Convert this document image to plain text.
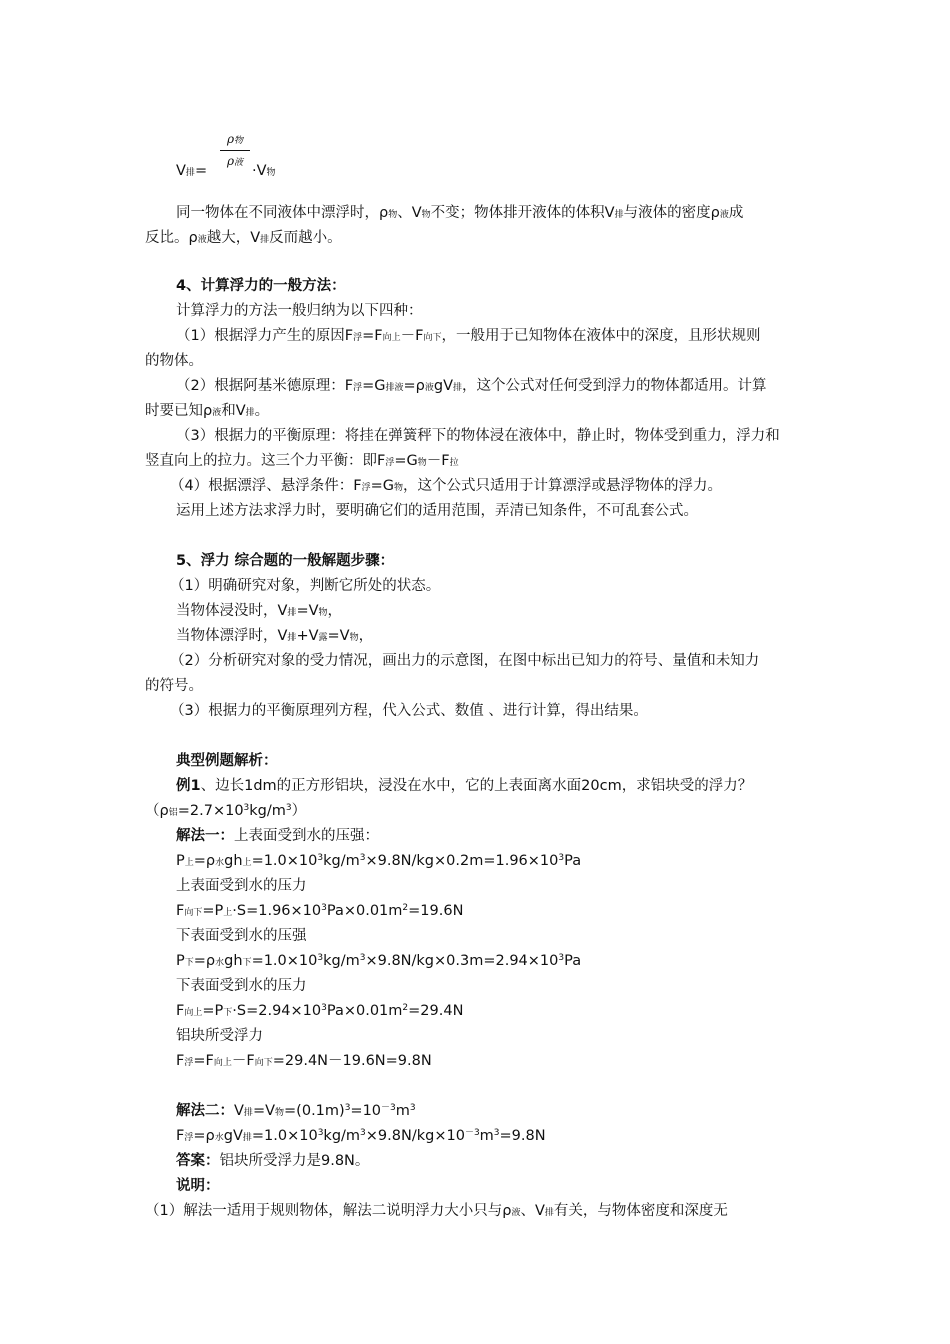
ρ物
ρ液
V排=	·V物
同一物体在不同液体中漂浮时，ρ物、V物不变；物体排开液体的体积V排与液体的密度ρ液成
反比。ρ液越大，V排反而越小。
4、计算浮力的一般方法：
计算浮力的方法一般归纳为以下四种：
（1）根据浮力产生的原因F浮=F向上－F向下，一般用于已知物体在液体中的深度，且形状规则
的物体。
（2）根据阿基米德原理：F浮=G排液=ρ液gV排，这个公式对任何受到浮力的物体都适用。计算
时要已知ρ液和V排。
（3）根据力的平衡原理：将挂在弹簧秤下的物体浸在液体中，静止时，物体受到重力，浮力和
竖直向上的拉力。这三个力平衡：即F浮=G物－F拉
（4）根据漂浮、悬浮条件：F浮=G物，这个公式只适用于计算漂浮或悬浮物体的浮力。
运用上述方法求浮力时，要明确它们的适用范围，弄清已知条件，不可乱套公式。
5、浮力 综合题的一般解题步骤：
（1）明确研究对象，判断它所处的状态。
当物体浸没时，V排=V物，
当物体漂浮时，V排+V露=V物，
（2）分析研究对象的受力情况，画出力的示意图，在图中标出已知力的符号、量值和未知力
的符号。
（3）根据力的平衡原理列方程，代入公式、数值 、进行计算，得出结果。
典型例题解析：
例1、边长1dm的正方形铝块，浸没在水中，它的上表面离水面20cm，求铝块受的浮力？
（ρ铝$=2.7\times 10^3kg/m^3$）
解法一：上表面受到水的压强：
P上=ρ水gh上$=1.0\times 10^3kg/m^3\times 9.8N/kg\times 0.2m=1.96\times 10^3Pa$
上表面受到水的压力
F向下=P上$\cdot S=1.96\times 10^3Pa\times 0.01m^2=19.6N$
下表面受到水的压强
P下=ρ水gh下$=1.0\times 10^3kg/m^3\times 9.8N/kg\times 0.3m=2.94\times 10^3Pa$
下表面受到水的压力
F向上=P下$\cdot S=2.94\times 10^3Pa\times 0.01m^2=29.4N$
铝块所受浮力
F浮=F向上－F向下=29.4N－19.6N=9.8N
解法二：V排=V物$=(0.1m)^3=10^{-3}m^3$
F浮=ρ水gV排$=1.0\times 10^3kg/m^3\times 9.8N/kg\times 10^{-3}m^3=9.8N$
答案：铝块所受浮力是9.8N。
说明：
（1）解法一适用于规则物体，解法二说明浮力大小只与ρ液、V排有关，与物体密度和深度无
